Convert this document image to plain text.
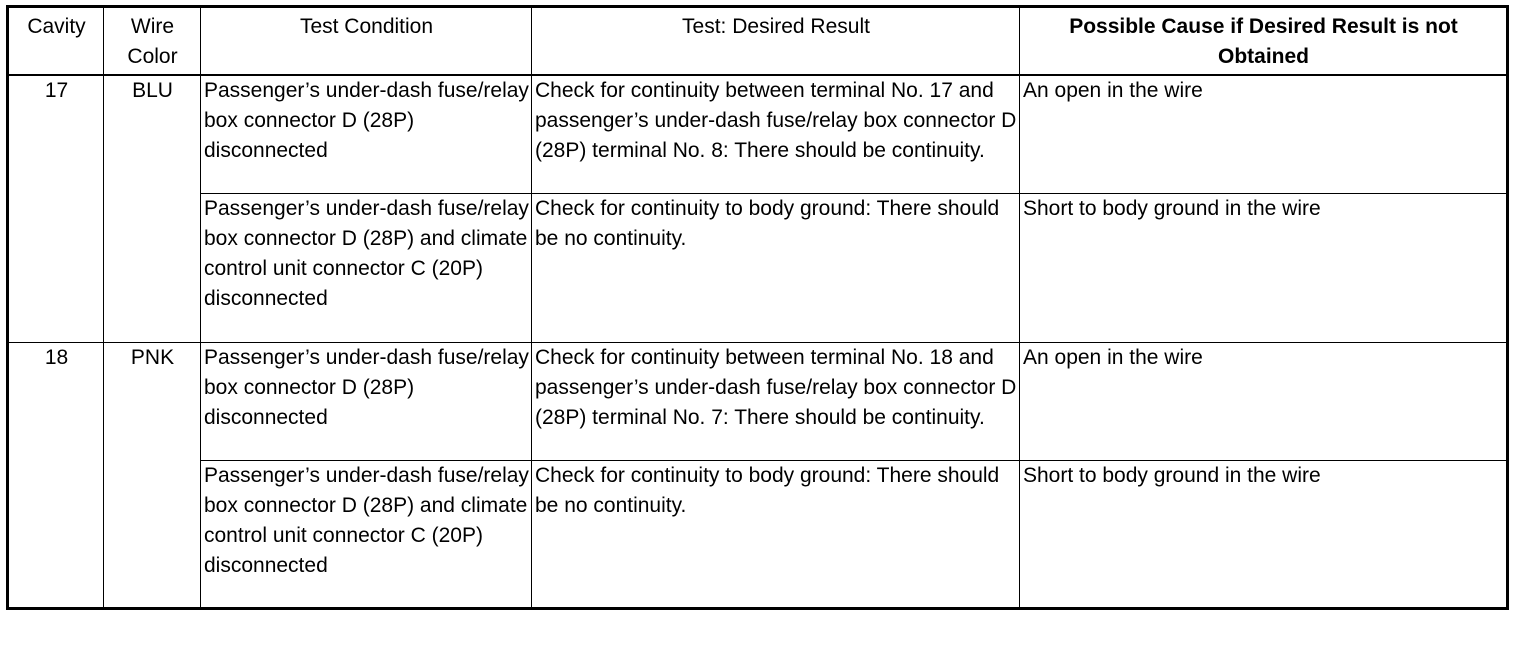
Cavity	Wire Color	Test Condition	Test: Desired Result	Possible Cause if Desired Result is not Obtained
17	BLU	Passenger’s under-dash fuse/relay box connector D (28P) disconnected	Check for continuity between terminal No. 17 and passenger’s under-dash fuse/relay box connector D (28P) terminal No. 8: There should be continuity.	An open in the wire
		Passenger’s under-dash fuse/relay box connector D (28P) and climate control unit connector C (20P) disconnected	Check for continuity to body ground: There should be no continuity.	Short to body ground in the wire
18	PNK	Passenger’s under-dash fuse/relay box connector D (28P) disconnected	Check for continuity between terminal No. 18 and passenger’s under-dash fuse/relay box connector D (28P) terminal No. 7: There should be continuity.	An open in the wire
		Passenger’s under-dash fuse/relay box connector D (28P) and climate control unit connector C (20P) disconnected	Check for continuity to body ground: There should be no continuity.	Short to body ground in the wire
